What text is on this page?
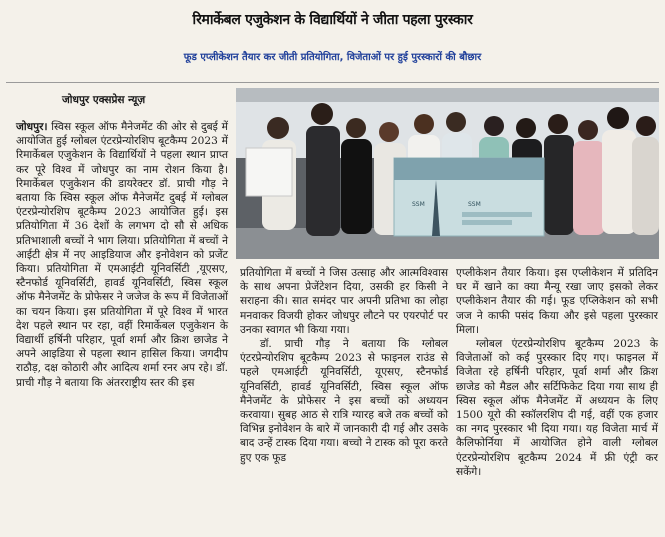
रिमार्केबल एजुकेशन के विद्यार्थियों ने जीता पहला पुरस्कार
फूड एप्लीकेशन तैयार कर जीती प्रतियोगिता, विजेताओं पर हुई पुरस्कारों की बौछार
जोधपुर एक्सप्रेस न्यूज़
SSM	SSM

जोधपुर। स्विस स्कूल ऑफ मैनेजमेंट की ओर से दुबई में आयोजित हुई ग्लोबल एंटरप्रेन्योरशिप बूटकैम्प 2023 में रिमार्केबल एजुकेशन के विद्यार्थियों ने पहला स्थान प्राप्त कर पूरे विश्व में जोधपुर का नाम रोशन किया है। रिमार्केबल एजुकेशन की डायरेक्टर डॉ. प्राची गौड़ ने बताया कि स्विस स्कूल ऑफ मैनेजमेंट दुबई में ग्लोबल एंटरप्रेन्योरशिप बूटकैम्प 2023 आयोजित हुई। इस प्रतियोगिता में 36 देशों के लगभग दो सौ से अधिक प्रतिभाशाली बच्चों ने भाग लिया। प्रतियोगिता में बच्चों ने आईटी क्षेत्र में नए आइडियाज और इनोवेशन को प्रजेंट किया। प्रतियोगिता में एमआईटी यूनिवर्सिटी ,यूएसए, स्टैनफोर्ड यूनिवर्सिटी, हावर्ड यूनिवर्सिटी, स्विस स्कूल ऑफ मैनेजमेंट के प्रोफेसर ने जजेज के रूप में विजेताओं का चयन किया। इस प्रतियोगिता में पूरे विश्व में भारत देश पहले स्थान पर रहा, वहीं रिमार्केबल एजुकेशन के विद्यार्थी हर्षिनी परिहार, पूर्वा शर्मा और क्रिश छाजेड ने अपने आइडिया से पहला स्थान हासिल किया। जगदीप राठौड़, दक्ष कोठारी और आदित्य शर्मा रनर अप रहे। डॉ. प्राची गौड़ ने बताया कि अंतरराष्ट्रीय स्तर की इस

प्रतियोगिता में बच्चों ने जिस उत्साह और आत्मविश्वास के साथ अपना प्रेजेंटेशन दिया, उसकी हर किसी ने सराहना की। सात समंदर पार अपनी प्रतिभा का लोहा मनवाकर विजयी होकर जोधपुर लौटने पर एयरपोर्ट पर उनका स्वागत भी किया गया।

डॉ. प्राची गौड़ ने बताया कि ग्लोबल एंटरप्रेन्योरशिप बूटकैम्प 2023 से फाइनल राउंड से पहले एमआईटी यूनिवर्सिटी, यूएसए, स्टैनफोर्ड यूनिवर्सिटी, हावर्ड यूनिवर्सिटी, स्विस स्कूल ऑफ मैनेजमेंट के प्रोफेसर ने इस बच्चों को अध्ययन करवाया। सुबह आठ से रात्रि ग्यारह बजे तक बच्चों को विभिन्न इनोवेशन के बारे में जानकारी दी गई और उसके बाद उन्हें टास्क दिया गया। बच्चो ने टास्क को पूरा करते हुए एक फूड

एप्लीकेशन तैयार किया। इस एप्लीकेशन में प्रतिदिन घर में खाने का क्या मैन्यू रखा जाए इसको लेकर एप्लीकेशन तैयार की गई। फूड एप्लिकेशन को सभी जज ने काफी पसंद किया और इसे पहला पुरस्कार मिला।

ग्लोबल एंटरप्रेन्योरशिप बूटकैम्प 2023 के विजेताओं को कई पुरस्कार दिए गए। फाइनल में विजेता रहे हर्षिनी परिहार, पूर्वा शर्मा और क्रिश छाजेड को मैडल और सर्टिफिकेट दिया गया साथ ही स्विस स्कूल ऑफ मैनेजमेंट में अध्ययन के लिए 1500 यूरो की स्कॉलरशिप दी गई, वहीं एक हजार का नगद पुरस्कार भी दिया गया। यह विजेता मार्च में कैलिफोर्निया में आयोजित होने वाली ग्लोबल एंटरप्रेन्योरशिप बूटकैम्प 2024 में फ्री एंट्री कर सकेंगे।
